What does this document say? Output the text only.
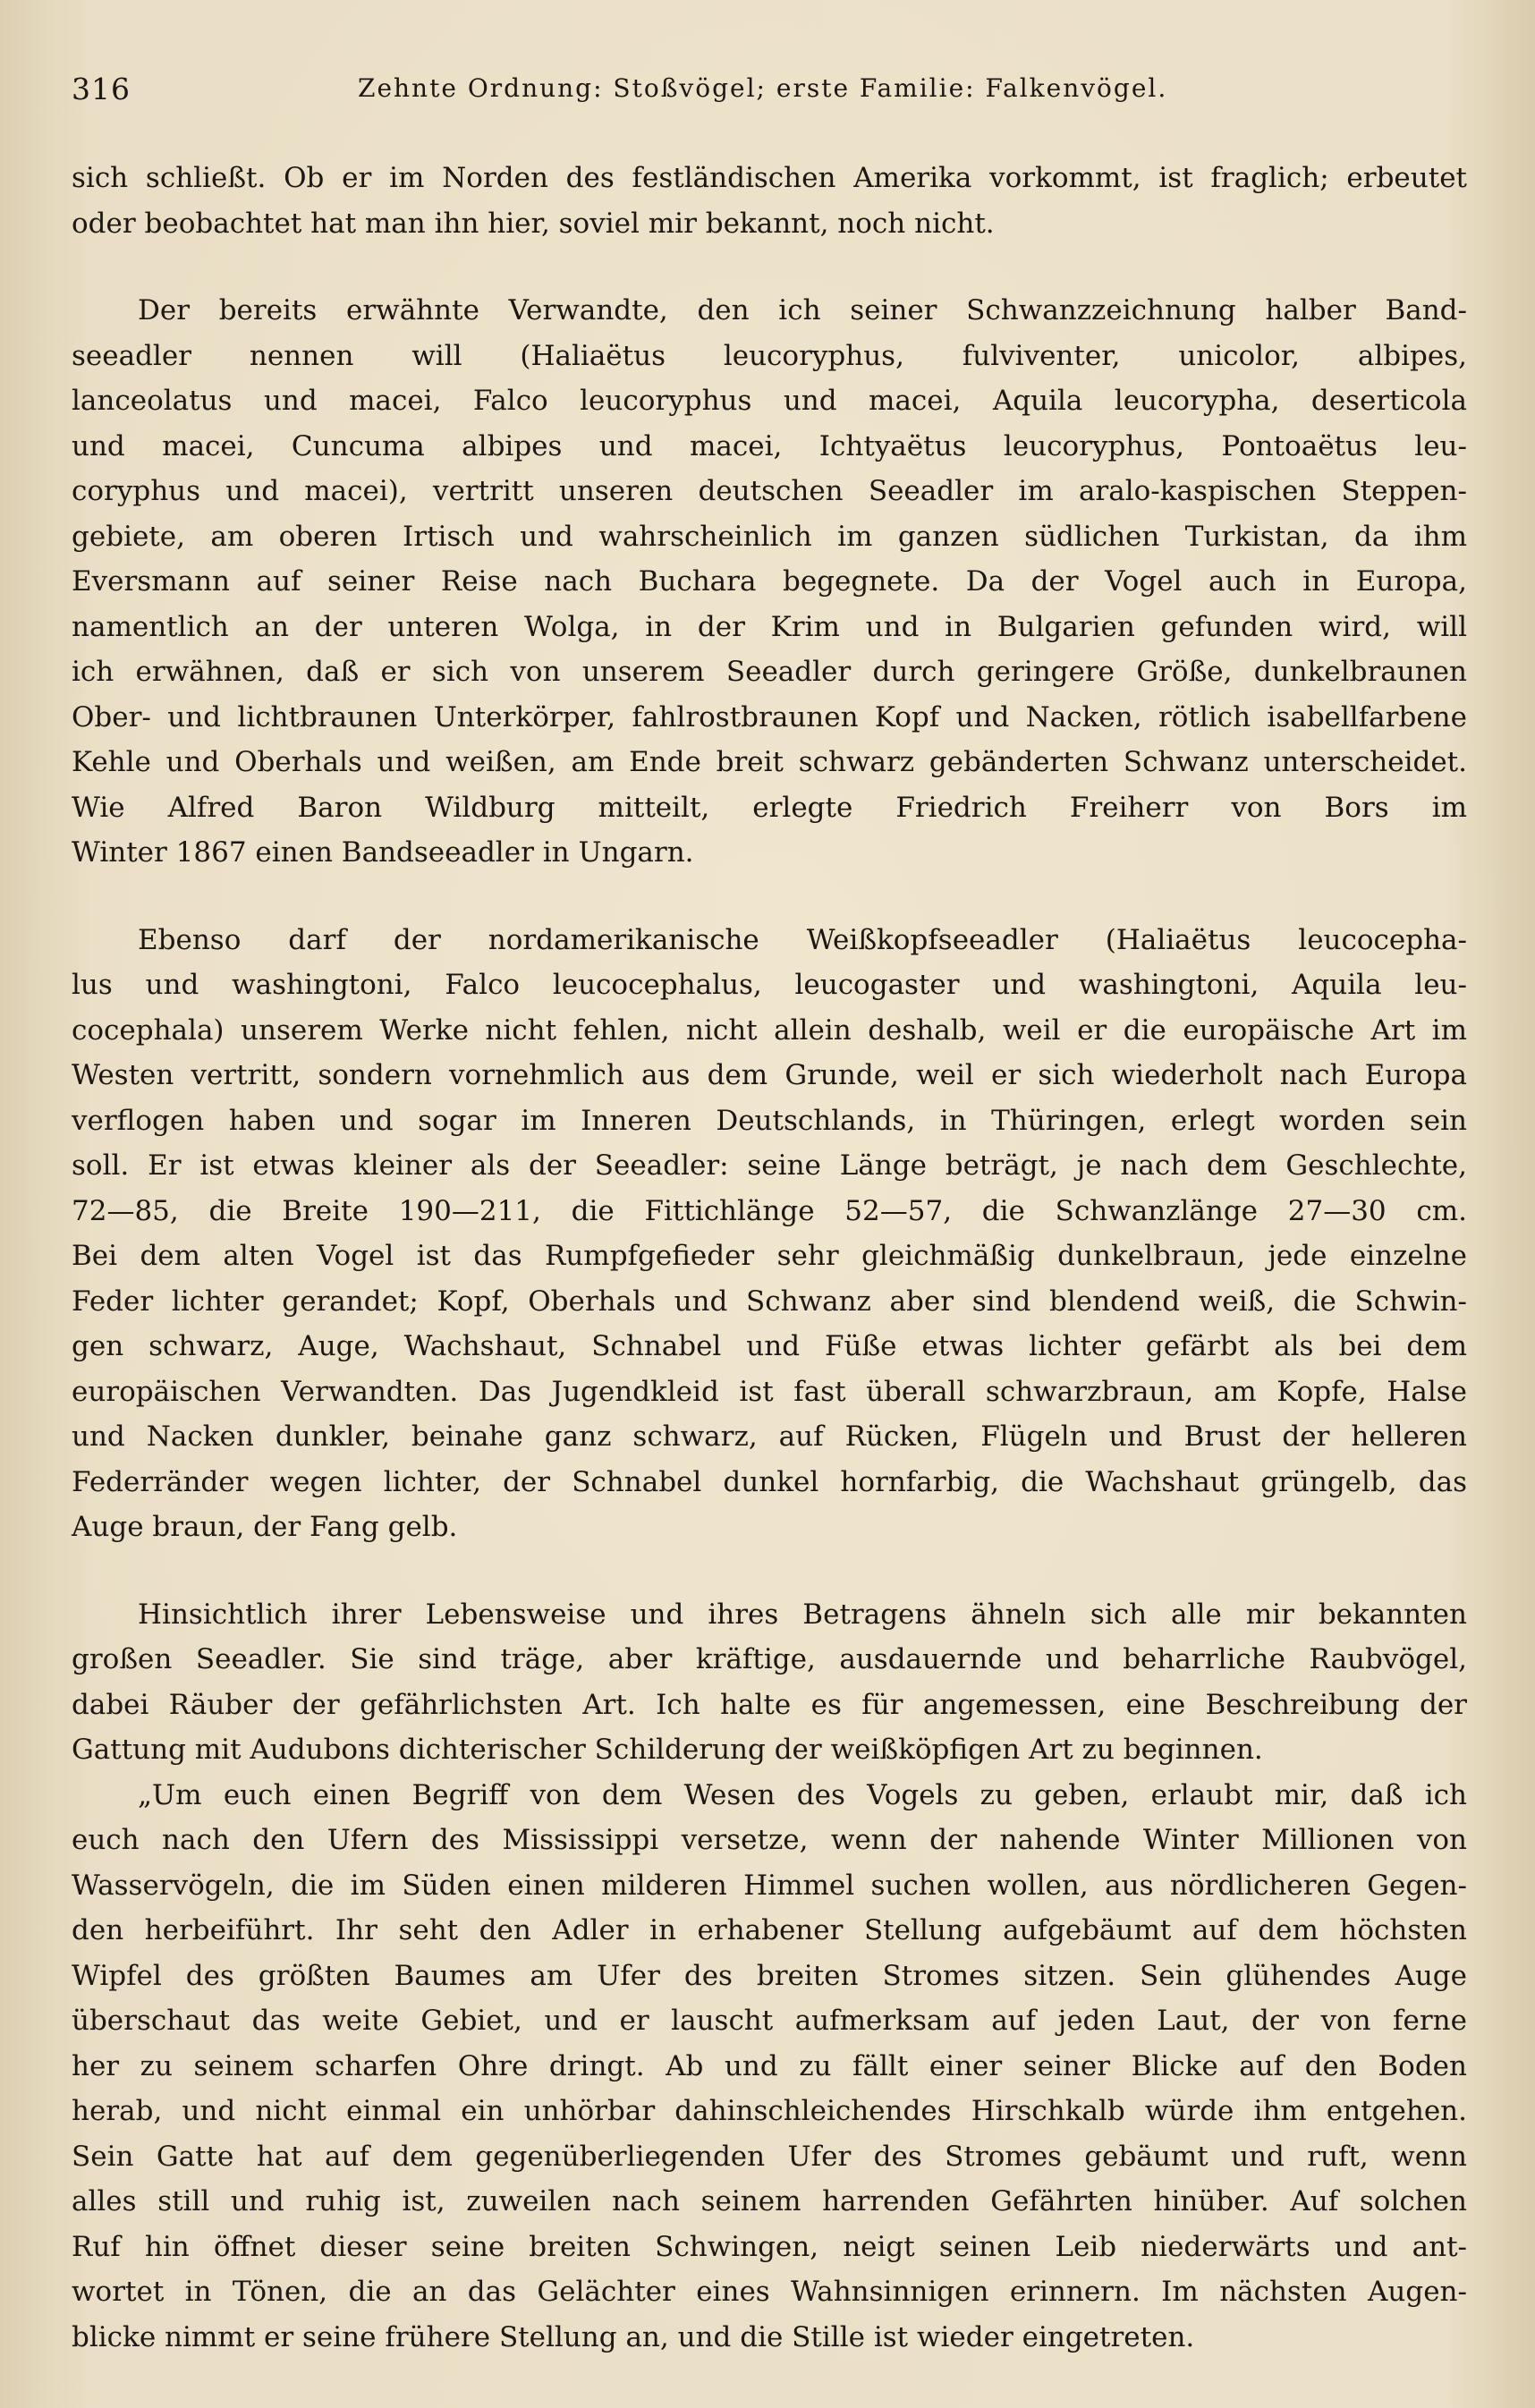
316	Zehnte Ordnung: Stoßvögel; erste Familie: Falkenvögel.

sich schließt. Ob er im Norden des festländischen Amerika vorkommt, ist fraglich; erbeutet
oder beobachtet hat man ihn hier, soviel mir bekannt, noch nicht.

Der bereits erwähnte Verwandte, den ich seiner Schwanzzeichnung halber Band-
seeadler nennen will (Haliaëtus leucoryphus, fulviventer, unicolor, albipes,
lanceolatus und macei, Falco leucoryphus und macei, Aquila leucorypha, deserticola
und macei, Cuncuma albipes und macei, Ichtyaëtus leucoryphus, Pontoaëtus leu-
coryphus und macei), vertritt unseren deutschen Seeadler im aralo-kaspischen Steppen-
gebiete, am oberen Irtisch und wahrscheinlich im ganzen südlichen Turkistan, da ihm
Eversmann auf seiner Reise nach Buchara begegnete. Da der Vogel auch in Europa,
namentlich an der unteren Wolga, in der Krim und in Bulgarien gefunden wird, will
ich erwähnen, daß er sich von unserem Seeadler durch geringere Größe, dunkelbraunen
Ober- und lichtbraunen Unterkörper, fahlrostbraunen Kopf und Nacken, rötlich isabellfarbene
Kehle und Oberhals und weißen, am Ende breit schwarz gebänderten Schwanz unterscheidet.
Wie Alfred Baron Wildburg mitteilt, erlegte Friedrich Freiherr von Bors im
Winter 1867 einen Bandseeadler in Ungarn.

Ebenso darf der nordamerikanische Weißkopfseeadler (Haliaëtus leucocepha-
lus und washingtoni, Falco leucocephalus, leucogaster und washingtoni, Aquila leu-
cocephala) unserem Werke nicht fehlen, nicht allein deshalb, weil er die europäische Art im
Westen vertritt, sondern vornehmlich aus dem Grunde, weil er sich wiederholt nach Europa
verflogen haben und sogar im Inneren Deutschlands, in Thüringen, erlegt worden sein
soll. Er ist etwas kleiner als der Seeadler: seine Länge beträgt, je nach dem Geschlechte,
72—85, die Breite 190—211, die Fittichlänge 52—57, die Schwanzlänge 27—30 cm.
Bei dem alten Vogel ist das Rumpfgefieder sehr gleichmäßig dunkelbraun, jede einzelne
Feder lichter gerandet; Kopf, Oberhals und Schwanz aber sind blendend weiß, die Schwin-
gen schwarz, Auge, Wachshaut, Schnabel und Füße etwas lichter gefärbt als bei dem
europäischen Verwandten. Das Jugendkleid ist fast überall schwarzbraun, am Kopfe, Halse
und Nacken dunkler, beinahe ganz schwarz, auf Rücken, Flügeln und Brust der helleren
Federränder wegen lichter, der Schnabel dunkel hornfarbig, die Wachshaut grüngelb, das
Auge braun, der Fang gelb.

Hinsichtlich ihrer Lebensweise und ihres Betragens ähneln sich alle mir bekannten
großen Seeadler. Sie sind träge, aber kräftige, ausdauernde und beharrliche Raubvögel,
dabei Räuber der gefährlichsten Art. Ich halte es für angemessen, eine Beschreibung der
Gattung mit Audubons dichterischer Schilderung der weißköpfigen Art zu beginnen.

„Um euch einen Begriff von dem Wesen des Vogels zu geben, erlaubt mir, daß ich
euch nach den Ufern des Mississippi versetze, wenn der nahende Winter Millionen von
Wasservögeln, die im Süden einen milderen Himmel suchen wollen, aus nördlicheren Gegen-
den herbeiführt. Ihr seht den Adler in erhabener Stellung aufgebäumt auf dem höchsten
Wipfel des größten Baumes am Ufer des breiten Stromes sitzen. Sein glühendes Auge
überschaut das weite Gebiet, und er lauscht aufmerksam auf jeden Laut, der von ferne
her zu seinem scharfen Ohre dringt. Ab und zu fällt einer seiner Blicke auf den Boden
herab, und nicht einmal ein unhörbar dahinschleichendes Hirschkalb würde ihm entgehen.
Sein Gatte hat auf dem gegenüberliegenden Ufer des Stromes gebäumt und ruft, wenn
alles still und ruhig ist, zuweilen nach seinem harrenden Gefährten hinüber. Auf solchen
Ruf hin öffnet dieser seine breiten Schwingen, neigt seinen Leib niederwärts und ant-
wortet in Tönen, die an das Gelächter eines Wahnsinnigen erinnern. Im nächsten Augen-
blicke nimmt er seine frühere Stellung an, und die Stille ist wieder eingetreten.
